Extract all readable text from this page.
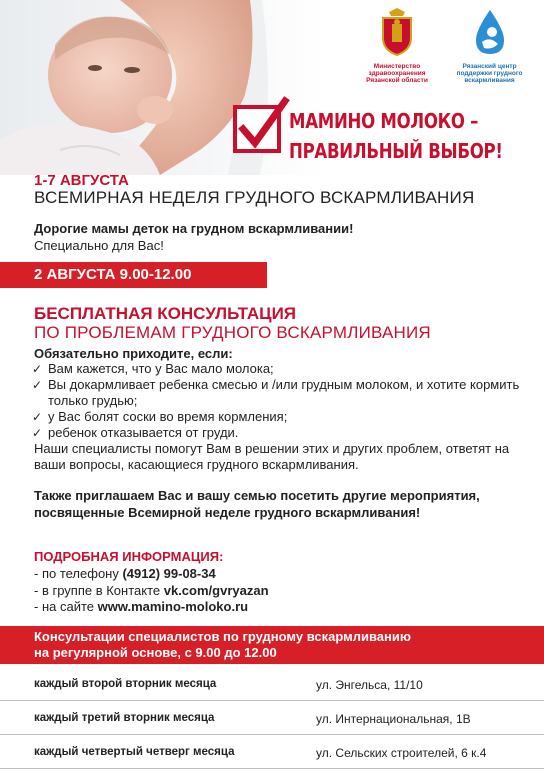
Министерство
здравоохранения
Рязанской области
Рязанский центр
поддержки грудного
вскармливания
МАМИНО МОЛОКО –
ПРАВИЛЬНЫЙ ВЫБОР!
1-7 АВГУСТА
ВСЕМИРНАЯ НЕДЕЛЯ ГРУДНОГО ВСКАРМЛИВАНИЯ
Дорогие мамы деток на грудном вскармливании!
Специально для Вас!
2 АВГУСТА 9.00-12.00
БЕСПЛАТНАЯ КОНСУЛЬТАЦИЯ
ПО ПРОБЛЕМАМ ГРУДНОГО ВСКАРМЛИВАНИЯ
Обязательно приходите, если:
✓ Вам кажется, что у Вас мало молока;
✓ Вы докармливает ребенка смесью и /или грудным молоком, и хотите кормить только грудью;
✓ у Вас болят соски во время кормления;
✓ ребенок отказывается от груди.
Наши специалисты помогут Вам в решении этих и других проблем, ответят на ваши вопросы, касающиеся грудного вскармливания.
Также приглашаем Вас и вашу семью посетить другие мероприятия, посвященные Всемирной неделе грудного вскармливания!
ПОДРОБНАЯ ИНФОРМАЦИЯ:
- по телефону (4912) 99-08-34
- в группе в Контакте vk.com/gvryazan
- на сайте www.mamino-moloko.ru
Консультации специалистов по грудному вскармливанию
на регулярной основе, с 9.00 до 12.00
каждый второй вторник месяца	ул. Энгельса, 11/10
каждый третий вторник месяца	ул. Интернациональная, 1В
каждый четвертый четверг месяца	ул. Сельских строителей, 6 к.4
